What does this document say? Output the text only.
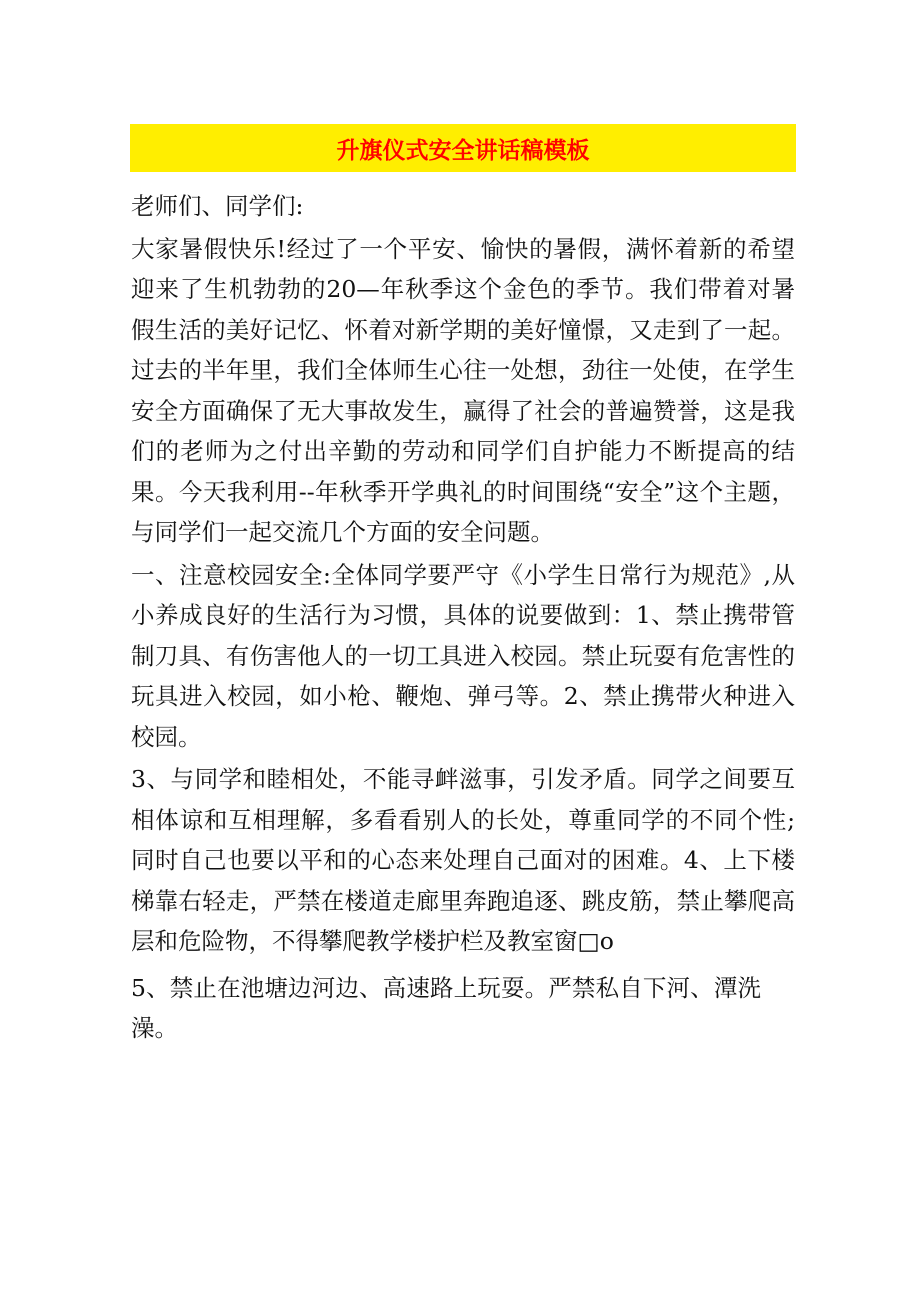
升旗仪式安全讲话稿模板

老师们、同学们:

大家暑假快乐!经过了一个平安、愉快的暑假，满怀着新的希望迎来了生机勃勃的20—年秋季这个金色的季节。我们带着对暑假生活的美好记忆、怀着对新学期的美好憧憬，又走到了一起。过去的半年里，我们全体师生心往一处想，劲往一处使，在学生安全方面确保了无大事故发生，赢得了社会的普遍赞誉，这是我们的老师为之付出辛勤的劳动和同学们自护能力不断提高的结果。今天我利用--年秋季开学典礼的时间围绕“安全”这个主题，与同学们一起交流几个方面的安全问题。

一、注意校园安全:全体同学要严守《小学生日常行为规范》,从小养成良好的生活行为习惯，具体的说要做到：1、禁止携带管制刀具、有伤害他人的一切工具进入校园。禁止玩耍有危害性的玩具进入校园，如小枪、鞭炮、弹弓等。2、禁止携带火种进入校园。

3、与同学和睦相处，不能寻衅滋事，引发矛盾。同学之间要互相体谅和互相理解，多看看别人的长处，尊重同学的不同个性;同时自己也要以平和的心态来处理自己面对的困难。4、上下楼梯靠右轻走，严禁在楼道走廊里奔跑追逐、跳皮筋，禁止攀爬高层和危险物，不得攀爬教学楼护栏及教室窗□o

5、禁止在池塘边河边、高速路上玩耍。严禁私自下河、潭洗澡。
